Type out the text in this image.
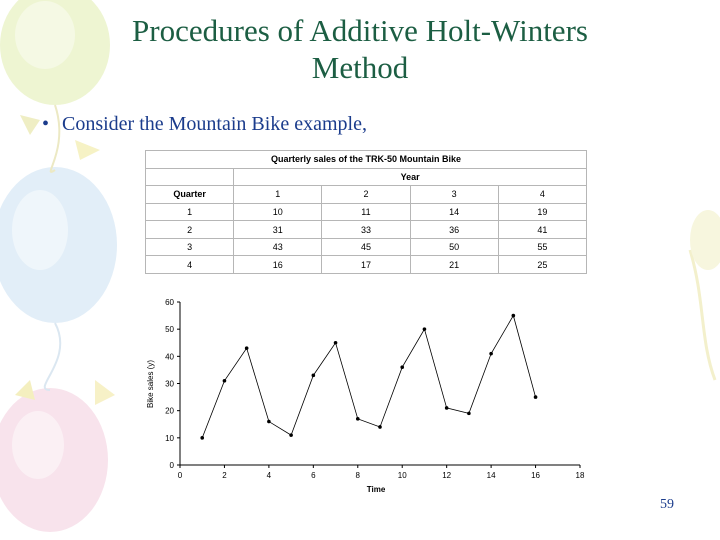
Procedures of Additive Holt-Winters
Method
• Consider the Mountain Bike example,
Quarterly sales of the TRK-50 Mountain Bike				
	Year			
Quarter	1	2	3	4
1	10	11	14	19
2	31	33	36	41
3	43	45	50	55
4	16	17	21	25
0
10
20
30
40
50
60
0	2	4	6	8	10	12	14	16	18
Time
Bike sales (y)
59
